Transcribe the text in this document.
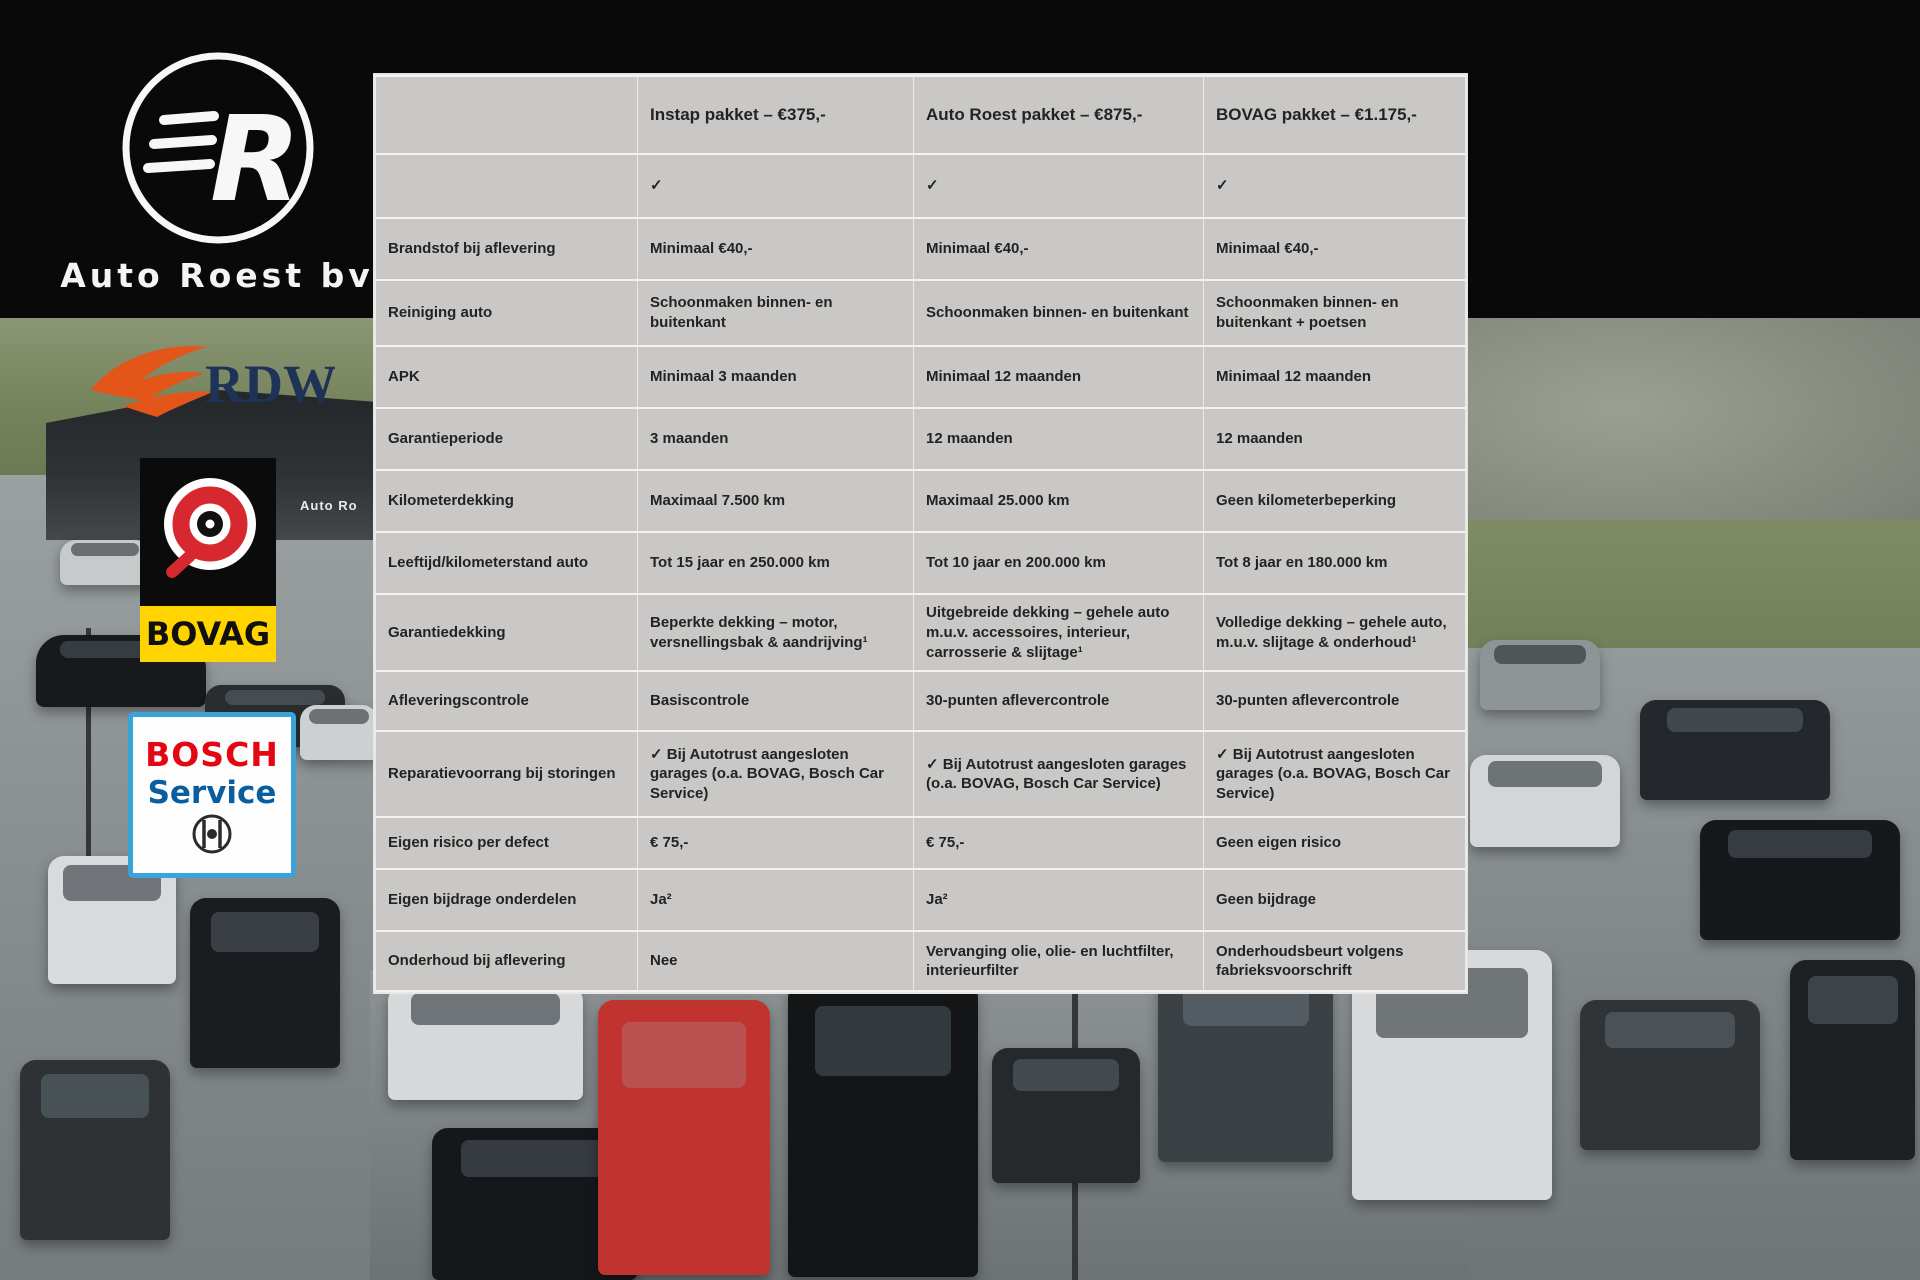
Auto Ro
R
Auto Roest bv
RDW
BOVAG
BOSCH
Service
	Instap pakket – €375,-	Auto Roest pakket – €875,-	BOVAG pakket – €1.175,-
	✓	✓	✓
Brandstof bij aflevering	Minimaal €40,-	Minimaal €40,-	Minimaal €40,-
Reiniging auto	Schoonmaken binnen- en buitenkant	Schoonmaken binnen- en buitenkant	Schoonmaken binnen- en buitenkant + poetsen
APK	Minimaal 3 maanden	Minimaal 12 maanden	Minimaal 12 maanden
Garantieperiode	3 maanden	12 maanden	12 maanden
Kilometerdekking	Maximaal 7.500 km	Maximaal 25.000 km	Geen kilometerbeperking
Leeftijd/kilometerstand auto	Tot 15 jaar en 250.000 km	Tot 10 jaar en 200.000 km	Tot 8 jaar en 180.000 km
Garantiedekking	Beperkte dekking – motor, versnellingsbak & aandrijving¹	Uitgebreide dekking – gehele auto m.u.v. accessoires, interieur, carrosserie & slijtage¹	Volledige dekking – gehele auto, m.u.v. slijtage & onderhoud¹
Afleveringscontrole	Basiscontrole	30-punten aflevercontrole	30-punten aflevercontrole
Reparatievoorrang bij storingen	✓ Bij Autotrust aangesloten garages (o.a. BOVAG, Bosch Car Service)	✓ Bij Autotrust aangesloten garages (o.a. BOVAG, Bosch Car Service)	✓ Bij Autotrust aangesloten garages (o.a. BOVAG, Bosch Car Service)
Eigen risico per defect	€ 75,-	€ 75,-	Geen eigen risico
Eigen bijdrage onderdelen	Ja²	Ja²	Geen bijdrage
Onderhoud bij aflevering	Nee	Vervanging olie, olie- en luchtfilter, interieurfilter	Onderhoudsbeurt volgens fabrieksvoorschrift
